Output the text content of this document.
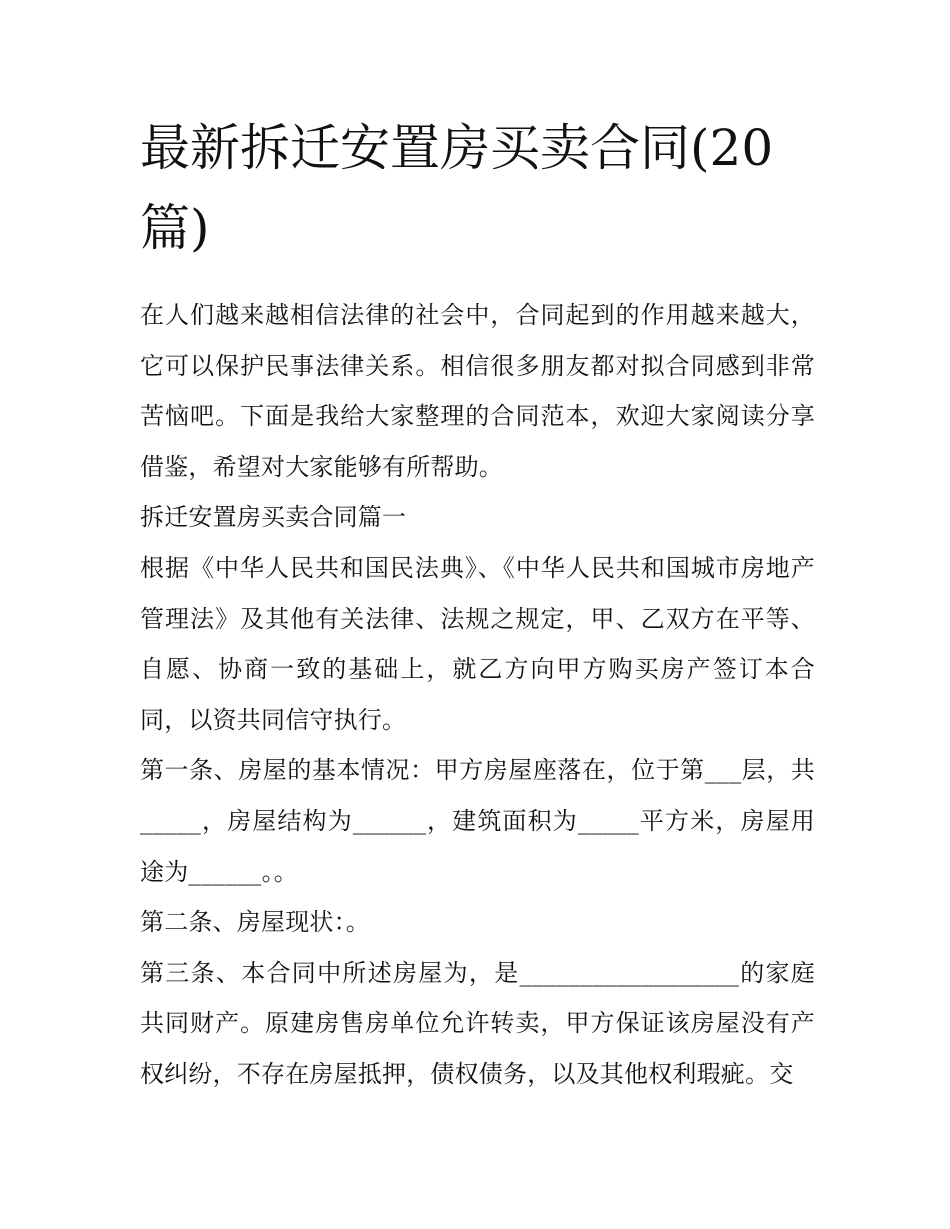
最新拆迁安置房买卖合同(20篇)

在人们越来越相信法律的社会中，合同起到的作用越来越大，它可以保护民事法律关系。相信很多朋友都对拟合同感到非常苦恼吧。下面是我给大家整理的合同范本，欢迎大家阅读分享借鉴，希望对大家能够有所帮助。

拆迁安置房买卖合同篇一

根据《中华人民共和国民法典》、《中华人民共和国城市房地产管理法》及其他有关法律、法规之规定，甲、乙双方在平等、自愿、协商一致的基础上，就乙方向甲方购买房产签订本合同，以资共同信守执行。

第一条、房屋的基本情况：甲方房屋座落在，位于第___层，共_____，房屋结构为______，建筑面积为_____平方米，房屋用途为______。。

第二条、房屋现状：。

第三条、本合同中所述房屋为，是__________________的家庭共同财产。原建房售房单位允许转卖，甲方保证该房屋没有产权纠纷，不存在房屋抵押，债权债务，以及其他权利瑕疵。交
